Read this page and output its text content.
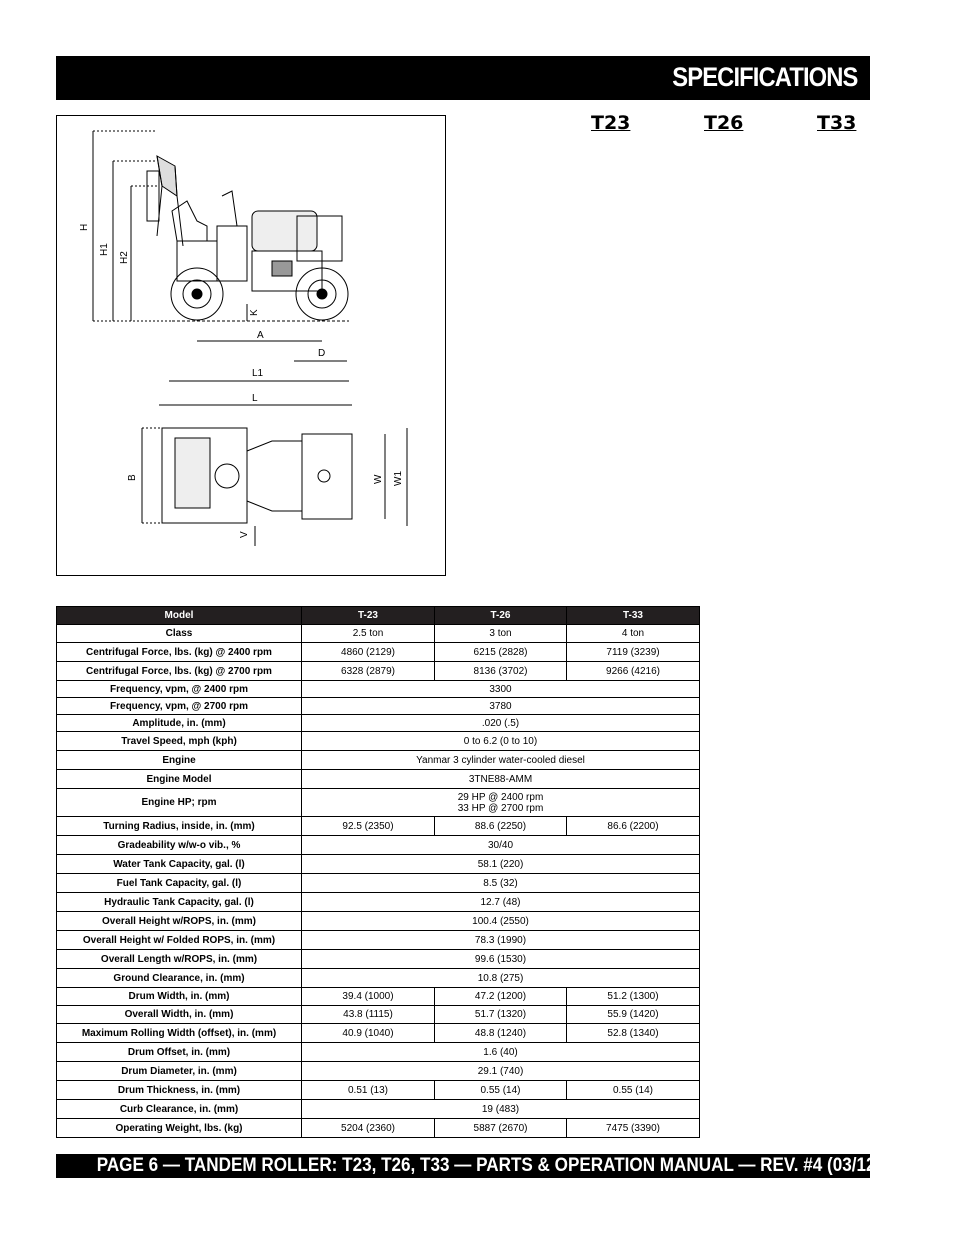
SPECIFICATIONS
T23	T26	T33
H
H1
H2
K
A
D
L1
L
B	W W1
V
Model	T-23	T-26	T-33
Class	2.5 ton	3 ton	4 ton
Centrifugal Force, lbs. (kg) @ 2400 rpm	4860 (2129)	6215 (2828)	7119 (3239)
Centrifugal Force, lbs. (kg) @ 2700 rpm	6328 (2879)	8136 (3702)	9266 (4216)
Frequency, vpm, @ 2400 rpm	3300		
Frequency, vpm, @ 2700 rpm	3780		
Amplitude, in. (mm)	.020 (.5)		
Travel Speed, mph (kph)	0 to 6.2 (0 to 10)		
Engine	Yanmar 3 cylinder water-cooled diesel		
Engine Model	3TNE88-AMM		
Engine HP; rpm	29 HP @ 2400 rpm
33 HP @ 2700 rpm		

Turning Radius, inside, in. (mm)	92.5 (2350)	88.6 (2250)	86.6 (2200)
Gradeability w/w-o vib., %	30/40		
Water Tank Capacity, gal. (l)	58.1 (220)		
Fuel Tank Capacity, gal. (l)	8.5 (32)		
Hydraulic Tank Capacity, gal. (l)	12.7 (48)		
Overall Height w/ROPS, in. (mm)	100.4 (2550)		
Overall Height w/ Folded ROPS, in. (mm)	78.3 (1990)		
Overall Length w/ROPS, in. (mm)	99.6 (1530)		
Ground Clearance, in. (mm)	10.8 (275)		
Drum Width, in. (mm)	39.4 (1000)	47.2 (1200)	51.2 (1300)
Overall Width, in. (mm)	43.8 (1115)	51.7 (1320)	55.9 (1420)
Maximum Rolling Width (offset), in. (mm)	40.9 (1040)	48.8 (1240)	52.8 (1340)
Drum Offset, in. (mm)	1.6 (40)		
Drum Diameter, in. (mm)	29.1 (740)		
Drum Thickness, in. (mm)	0.51 (13)	0.55 (14)	0.55 (14)
Curb Clearance, in. (mm)	19 (483)		
Operating Weight, lbs. (kg)	5204 (2360)	5887 (2670)	7475 (3390)
PAGE 6 — TANDEM ROLLER: T23, T26, T33 — PARTS & OPERATION MANUAL — REV. #4 (03/12/01)
